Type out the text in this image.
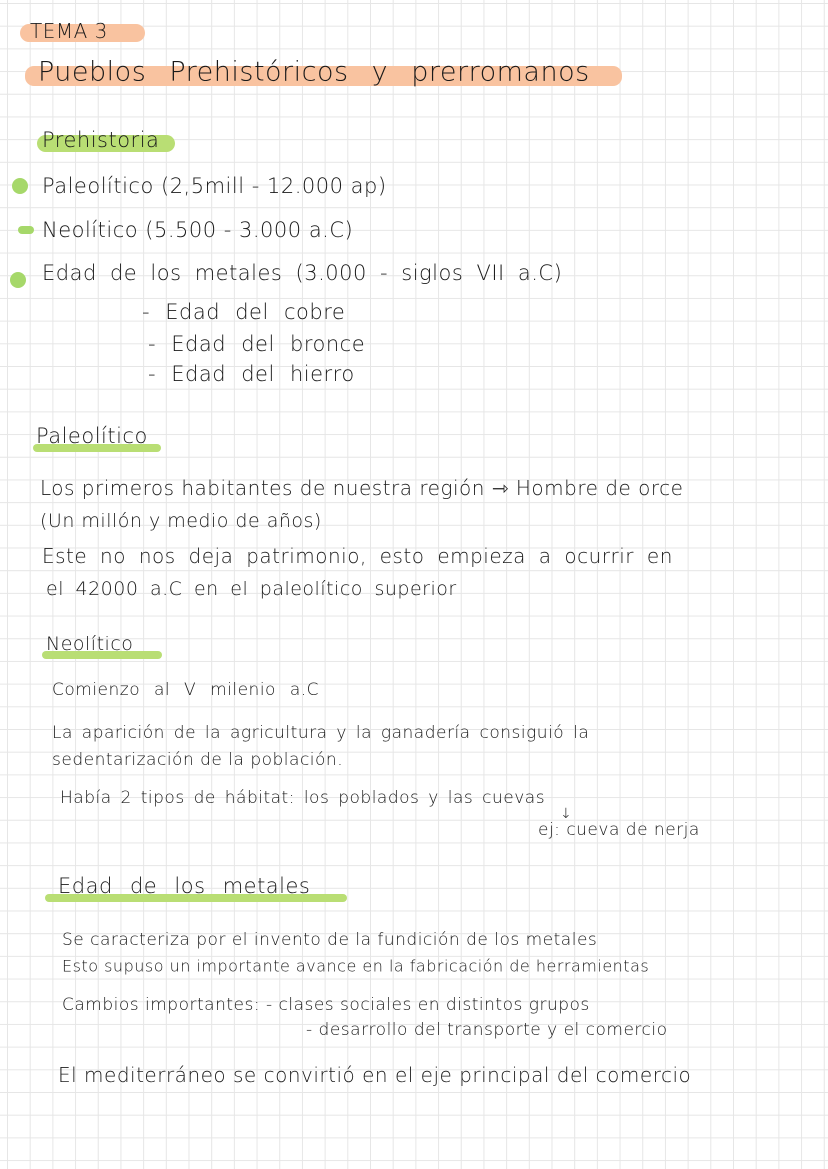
TEMA 3
Pueblos Prehistóricos y prerromanos
Prehistoria
Paleolítico (2,5mill - 12.000 ap)
Neolítico (5.500 - 3.000 a.C)
Edad de los metales (3.000 - siglos VII a.C)
- Edad del cobre
- Edad del bronce
- Edad del hierro
Paleolítico
Los primeros habitantes de nuestra región ⇾ Hombre de orce
(Un millón y medio de años)
Este no nos deja patrimonio, esto empieza a ocurrir en
el 42000 a.C en el paleolítico superior
Neolítico
Comienzo al V milenio a.C
La aparición de la agricultura y la ganadería consiguió la
sedentarización de la población.
Había 2 tipos de hábitat: los poblados y las cuevas
↓
ej: cueva de nerja
Edad de los metales
Se caracteriza por el invento de la fundición de los metales
Esto supuso un importante avance en la fabricación de herramientas
Cambios importantes: - clases sociales en distintos grupos
- desarrollo del transporte y el comercio
El mediterráneo se convirtió en el eje principal del comercio
